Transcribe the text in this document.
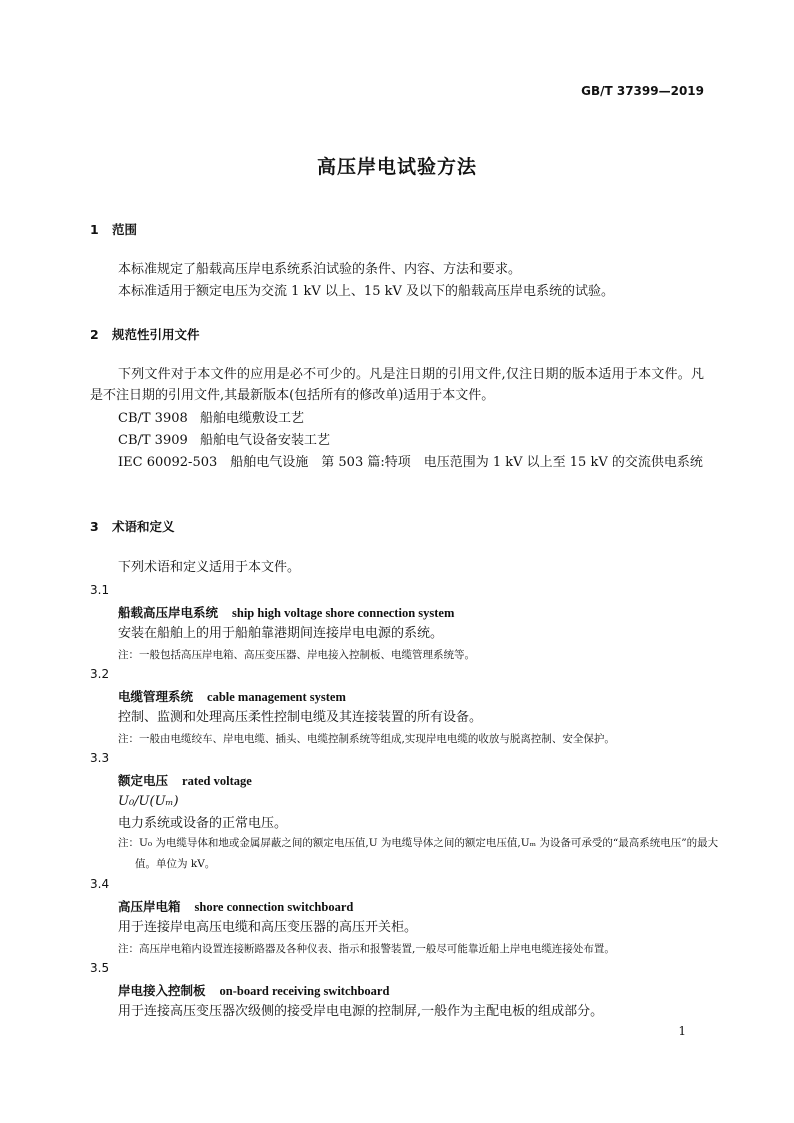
GB/T 37399—2019
高压岸电试验方法
1 范围
本标准规定了船载高压岸电系统系泊试验的条件、内容、方法和要求。
本标准适用于额定电压为交流 1 kV 以上、15 kV 及以下的船载高压岸电系统的试验。
2 规范性引用文件
下列文件对于本文件的应用是必不可少的。凡是注日期的引用文件,仅注日期的版本适用于本文件。凡是不注日期的引用文件,其最新版本(包括所有的修改单)适用于本文件。
CB/T 3908 船舶电缆敷设工艺
CB/T 3909 船舶电气设备安装工艺
IEC 60092-503　船舶电气设施　第 503 篇:特项　电压范围为 1 kV 以上至 15 kV 的交流供电系统
3 术语和定义
下列术语和定义适用于本文件。
3.1
船载高压岸电系统 ship high voltage shore connection system
安装在船舶上的用于船舶靠港期间连接岸电电源的系统。
注：一般包括高压岸电箱、高压变压器、岸电接入控制板、电缆管理系统等。
3.2
电缆管理系统 cable management system
控制、监测和处理高压柔性控制电缆及其连接装置的所有设备。
注：一般由电缆绞车、岸电电缆、插头、电缆控制系统等组成,实现岸电电缆的收放与脱离控制、安全保护。
3.3
额定电压 rated voltage
U₀/U(Uₘ)
电力系统或设备的正常电压。
注：U₀ 为电缆导体和地或金属屏蔽之间的额定电压值,U 为电缆导体之间的额定电压值,Uₘ 为设备可承受的“最高系统电压”的最大值。单位为 kV。
3.4
高压岸电箱 shore connection switchboard
用于连接岸电高压电缆和高压变压器的高压开关柜。
注：高压岸电箱内设置连接断路器及各种仪表、指示和报警装置,一般尽可能靠近船上岸电电缆连接处布置。
3.5
岸电接入控制板 on-board receiving switchboard
用于连接高压变压器次级侧的接受岸电电源的控制屏,一般作为主配电板的组成部分。
1
